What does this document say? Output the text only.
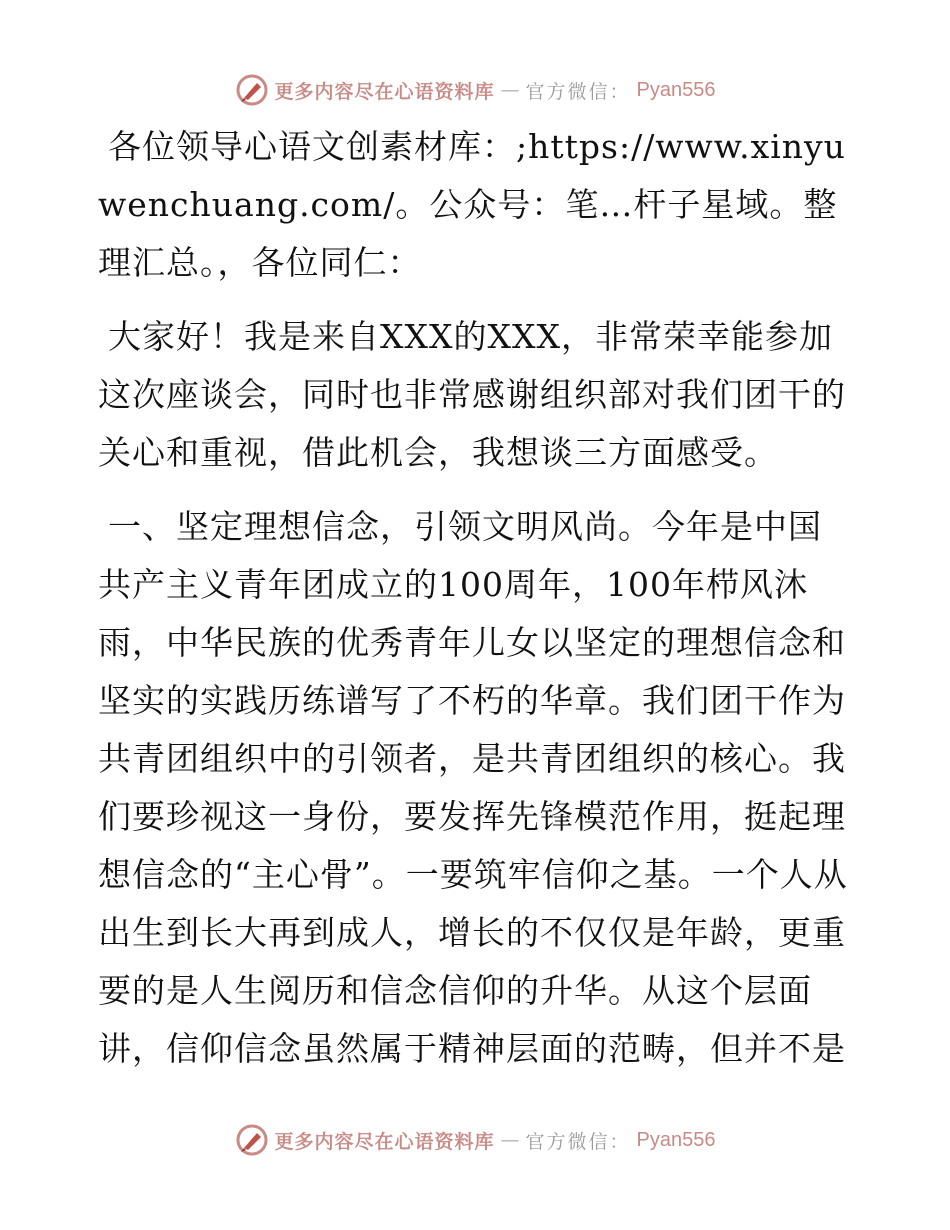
更多内容尽在心语资料库 — 官方微信： Pyan556

各位领导心语文创素材库：;https://www.xinyuwenchuang.com/。公众号：笔…杆子星域。整理汇总。，各位同仁：

大家好！我是来自XXX的XXX，非常荣幸能参加这次座谈会，同时也非常感谢组织部对我们团干的关心和重视，借此机会，我想谈三方面感受。

一、坚定理想信念，引领文明风尚。今年是中国共产主义青年团成立的100周年，100年栉风沐雨，中华民族的优秀青年儿女以坚定的理想信念和坚实的实践历练谱写了不朽的华章。我们团干作为共青团组织中的引领者，是共青团组织的核心。我们要珍视这一身份，要发挥先锋模范作用，挺起理想信念的“主心骨”。一要筑牢信仰之基。一个人从出生到长大再到成人，增长的不仅仅是年龄，更重要的是人生阅历和信念信仰的升华。从这个层面讲，信仰信念虽然属于精神层面的范畴，但并不是

更多内容尽在心语资料库 — 官方微信： Pyan556
